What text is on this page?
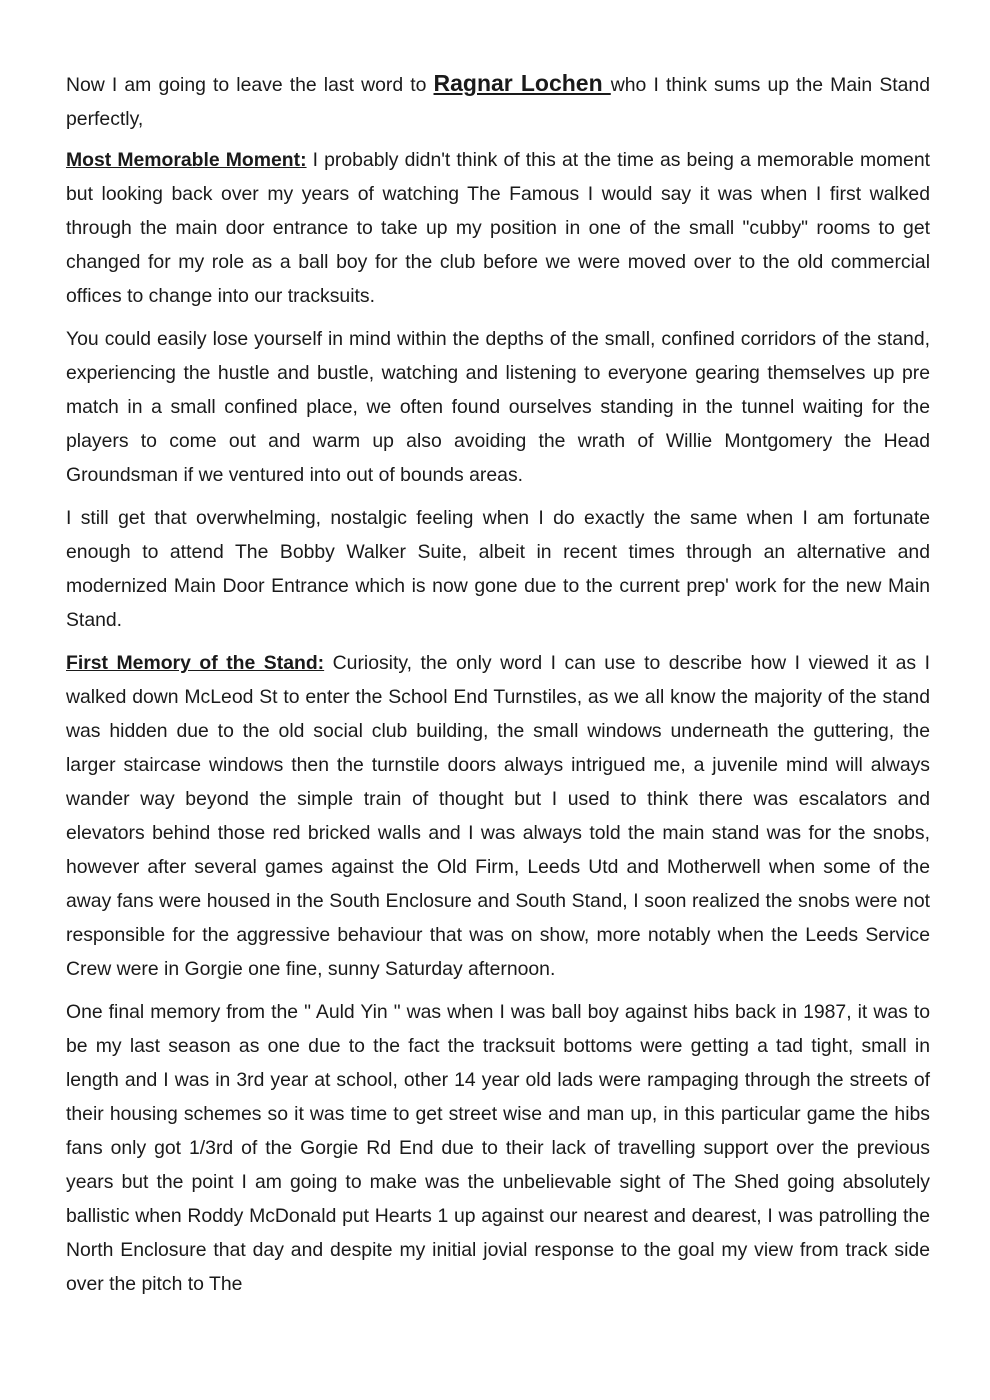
Now I am going to leave the last word to Ragnar Lochen who I think sums up the Main Stand perfectly,

Most Memorable Moment: I probably didn't think of this at the time as being a memorable moment but looking back over my years of watching The Famous I would say it was when I first walked through the main door entrance to take up my position in one of the small "cubby" rooms to get changed for my role as a ball boy for the club before we were moved over to the old commercial offices to change into our tracksuits.

You could easily lose yourself in mind within the depths of the small, confined corridors of the stand, experiencing the hustle and bustle, watching and listening to everyone gearing themselves up pre match in a small confined place, we often found ourselves standing in the tunnel waiting for the players to come out and warm up also avoiding the wrath of Willie Montgomery the Head Groundsman if we ventured into out of bounds areas.

I still get that overwhelming, nostalgic feeling when I do exactly the same when I am fortunate enough to attend The Bobby Walker Suite, albeit in recent times through an alternative and modernized Main Door Entrance which is now gone due to the current prep' work for the new Main Stand.

First Memory of the Stand: Curiosity, the only word I can use to describe how I viewed it as I walked down McLeod St to enter the School End Turnstiles, as we all know the majority of the stand was hidden due to the old social club building, the small windows underneath the guttering, the larger staircase windows then the turnstile doors always intrigued me, a juvenile mind will always wander way beyond the simple train of thought but I used to think there was escalators and elevators behind those red bricked walls and I was always told the main stand was for the snobs, however after several games against the Old Firm, Leeds Utd and Motherwell when some of the away fans were housed in the South Enclosure and South Stand, I soon realized the snobs were not responsible for the aggressive behaviour that was on show, more notably when the Leeds Service Crew were in Gorgie one fine, sunny Saturday afternoon.

One final memory from the " Auld Yin " was when I was ball boy against hibs back in 1987, it was to be my last season as one due to the fact the tracksuit bottoms were getting a tad tight, small in length and I was in 3rd year at school, other 14 year old lads were rampaging through the streets of their housing schemes so it was time to get street wise and man up, in this particular game the hibs fans only got 1/3rd of the Gorgie Rd End due to their lack of travelling support over the previous years but the point I am going to make was the unbelievable sight of The Shed going absolutely ballistic when Roddy McDonald put Hearts 1 up against our nearest and dearest, I was patrolling the North Enclosure that day and despite my initial jovial response to the goal my view from track side over the pitch to The
